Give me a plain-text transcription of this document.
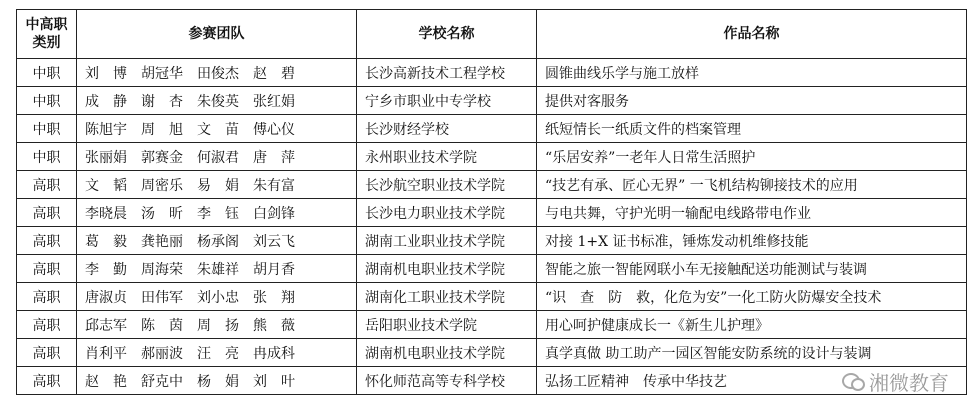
中高职
类别	参赛团队	学校名称	作品名称
中职	刘　博　胡冠华　田俊杰　赵　碧	长沙高新技术工程学校	圆锥曲线乐学与施工放样
中职	成　静　谢　杏　朱俊英　张红娟	宁乡市职业中专学校	提供对客服务
中职	陈旭宇　周　旭　文　苗　傅心仪	长沙财经学校	纸短情长一纸质文件的档案管理
中职	张丽娟　郭赛金　何淑君　唐　萍	永州职业技术学院	“乐居安养”一老年人日常生活照护
高职	文　韬　周密乐　易　娟　朱有富	长沙航空职业技术学院	“技艺有承、匠心无界” 一飞机结构铆接技术的应用
高职	李晓晨　汤　昕　李　钰　白剑锋	长沙电力职业技术学院	与电共舞，守护光明一输配电线路带电作业
高职	葛　毅　龚艳丽　杨承阁　刘云飞	湖南工业职业技术学院	对接 1+X 证书标准，锤炼发动机维修技能
高职	李　勤　周海荣　朱雄祥　胡月香	湖南机电职业技术学院	智能之旅一智能网联小车无接触配送功能测试与装调
高职	唐淑贞　田伟军　刘小忠　张　翔	湖南化工职业技术学院	“识　查　防　救，化危为安”一化工防火防爆安全技术
高职	邱志军　陈　茵　周　扬　熊　薇	岳阳职业技术学院	用心呵护健康成长一《新生儿护理》
高职	肖利平　郝丽波　汪　亮　冉成科	湖南机电职业技术学院	真学真做 助工助产一园区智能安防系统的设计与装调
高职	赵　艳　舒克中　杨　娟　刘　叶	怀化师范高等专科学校	弘扬工匠精神　传承中华技艺	湘微教育
